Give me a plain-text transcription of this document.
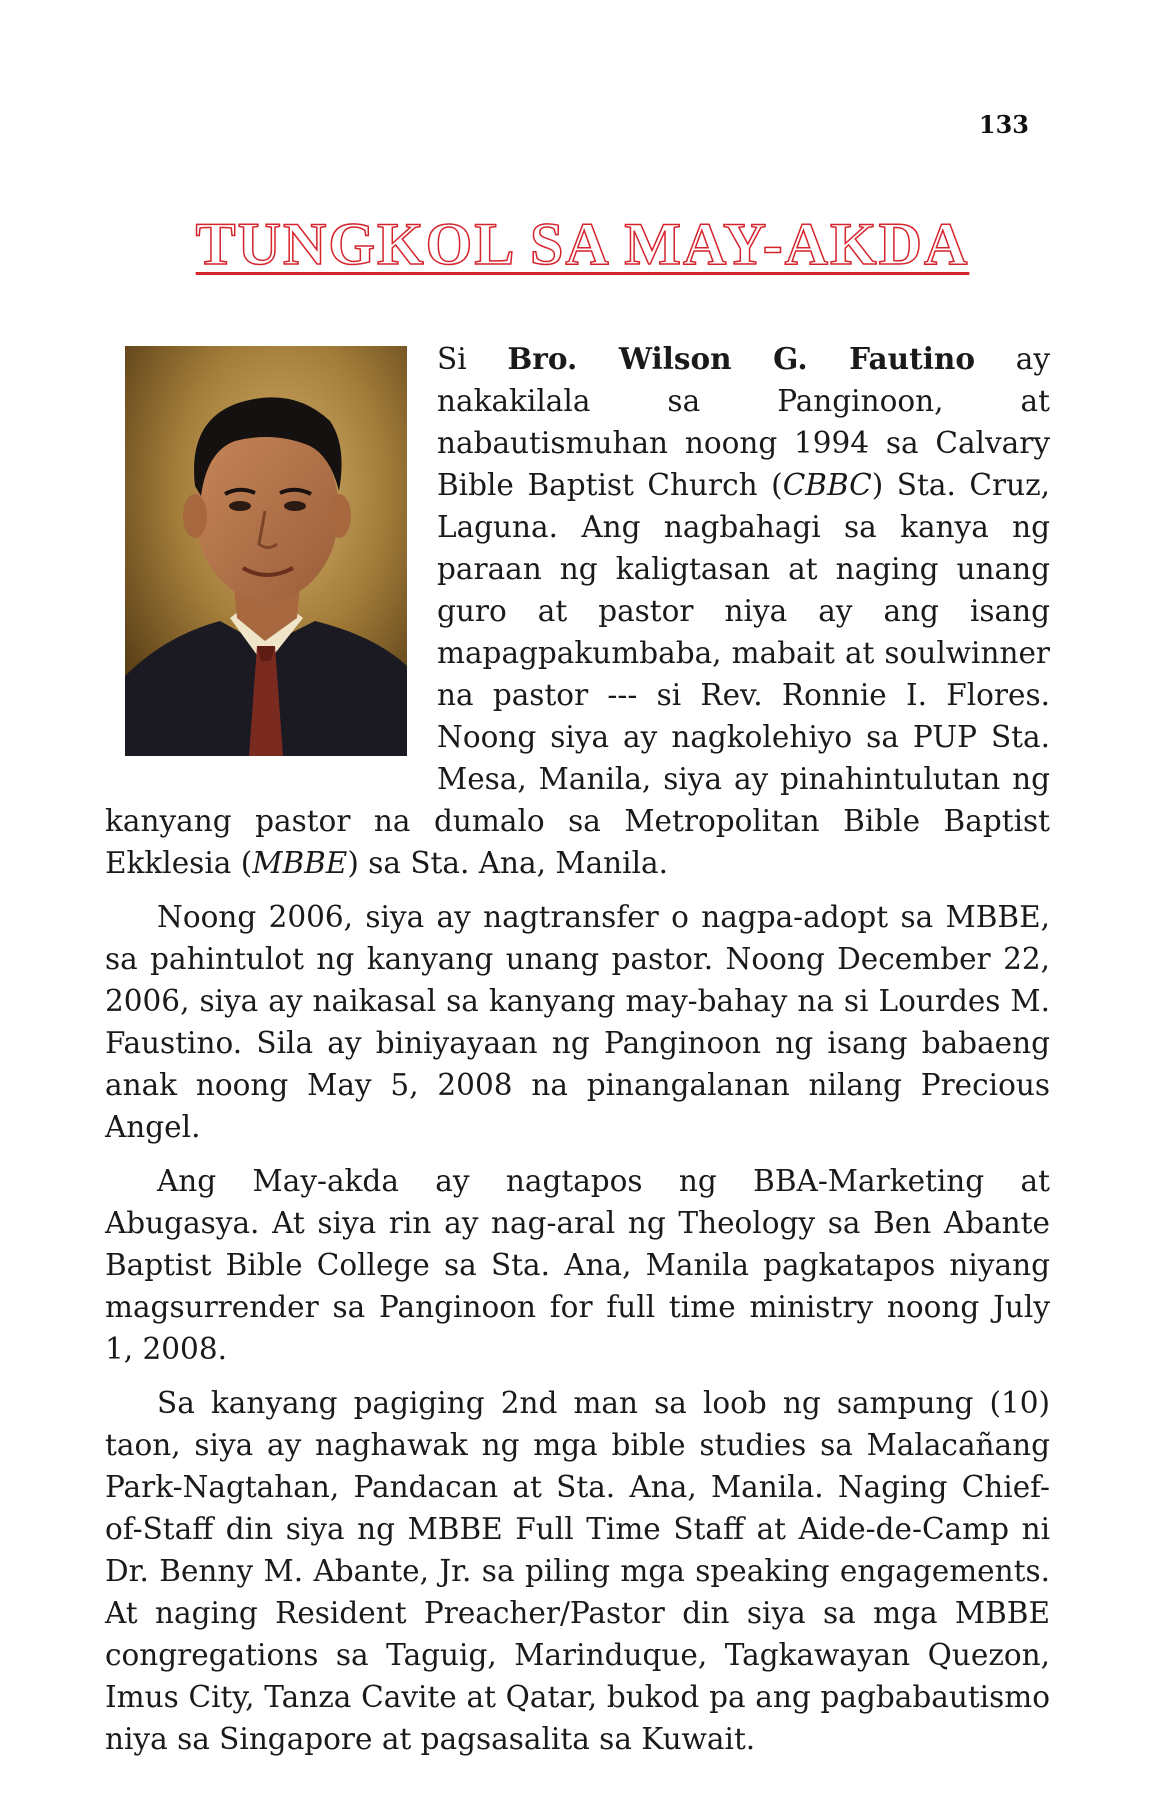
133
TUNGKOL SA MAY-AKDA

Si Bro. Wilson G. Fautino ay nakakilala sa Panginoon, at nabautismuhan noong 1994 sa Calvary Bible Baptist Church (CBBC) Sta. Cruz, Laguna. Ang nagbahagi sa kanya ng paraan ng kaligtasan at naging unang guro at pastor niya ay ang isang mapagpakumbaba, mabait at soulwinner na pastor --- si Rev. Ronnie I. Flores. Noong siya ay nagkolehiyo sa PUP Sta. Mesa, Manila, siya ay pinahintulutan ng kanyang pastor na dumalo sa Metropolitan Bible Baptist Ekklesia (MBBE) sa Sta. Ana, Manila.

Noong 2006, siya ay nagtransfer o nagpa-adopt sa MBBE, sa pahintulot ng kanyang unang pastor. Noong December 22, 2006, siya ay naikasal sa kanyang may-bahay na si Lourdes M. Faustino. Sila ay biniyayaan ng Panginoon ng isang babaeng anak noong May 5, 2008 na pinangalanan nilang Precious Angel.

Ang May-akda ay nagtapos ng BBA-Marketing at Abugasya. At siya rin ay nag-aral ng Theology sa Ben Abante Baptist Bible College sa Sta. Ana, Manila pagkatapos niyang magsurrender sa Panginoon for full time ministry noong July 1, 2008.

Sa kanyang pagiging 2nd man sa loob ng sampung (10) taon, siya ay naghawak ng mga bible studies sa Malacañang Park-Nagtahan, Pandacan at Sta. Ana, Manila. Naging Chief-of-Staff din siya ng MBBE Full Time Staff at Aide-de-Camp ni Dr. Benny M. Abante, Jr. sa piling mga speaking engagements. At naging Resident Preacher/Pastor din siya sa mga MBBE congregations sa Taguig, Marinduque, Tagkawayan Quezon, Imus City, Tanza Cavite at Qatar, bukod pa ang pagbabautismo niya sa Singapore at pagsasalita sa Kuwait.
